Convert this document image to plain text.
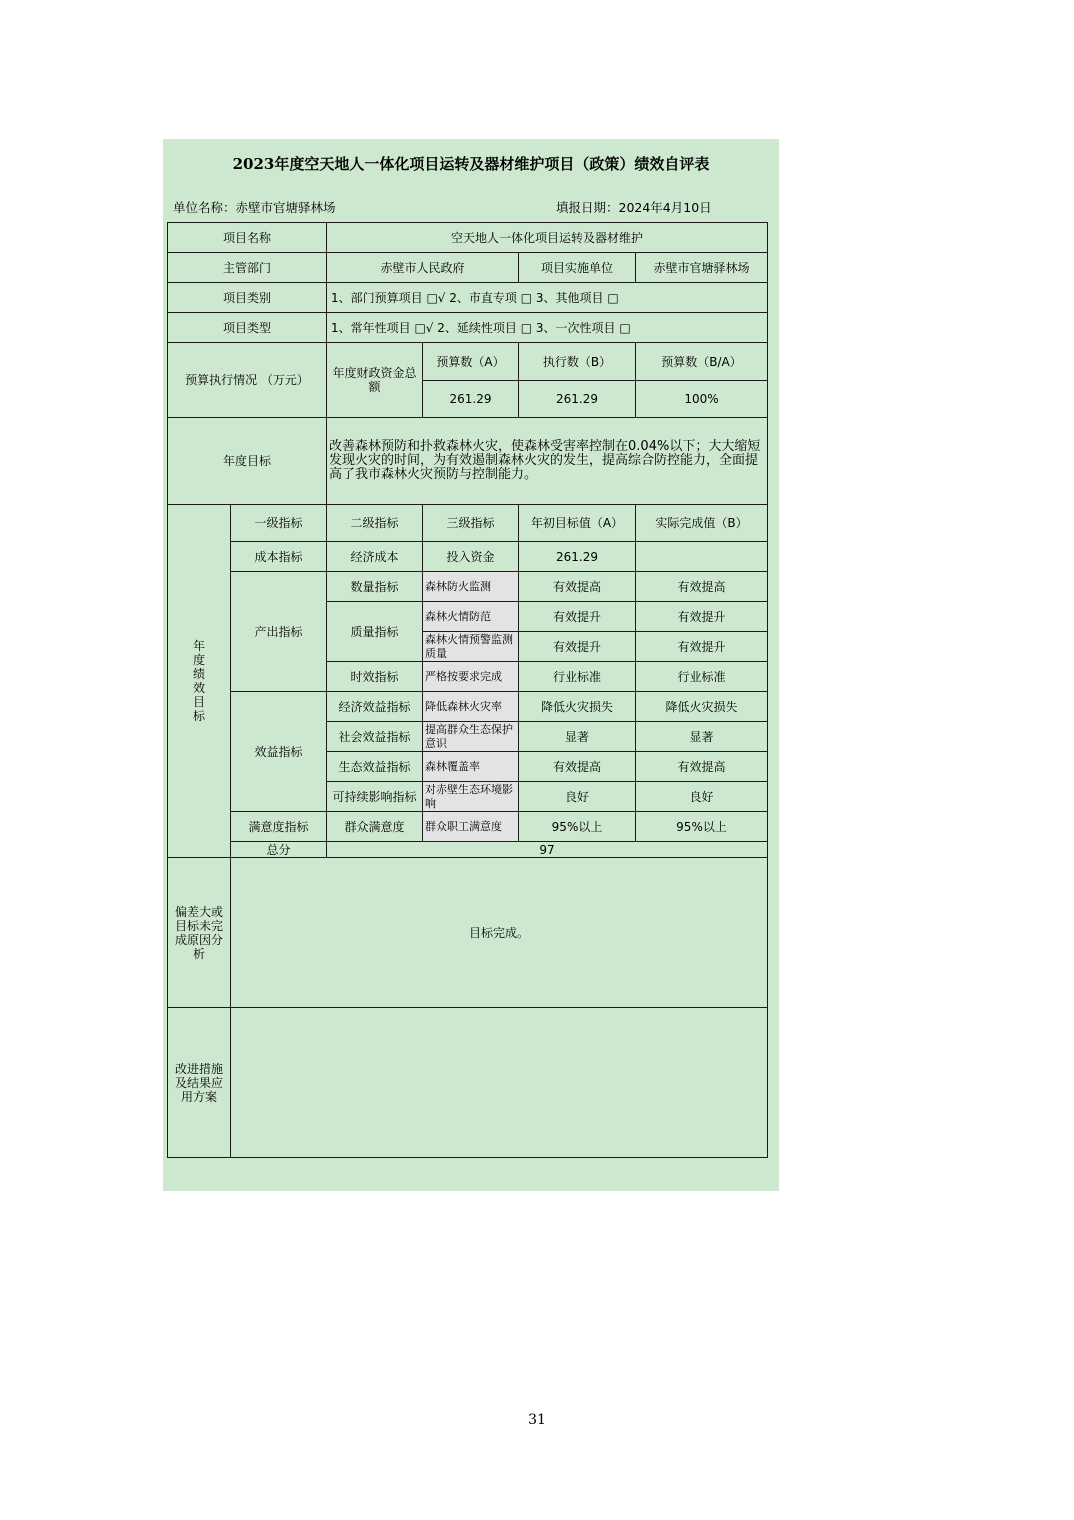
2023年度空天地人一体化项目运转及器材维护项目（政策）绩效自评表
单位名称：赤壁市官塘驿林场	填报日期：2024年4月10日
项目名称		空天地人一体化项目运转及器材维护			
主管部门		赤壁市人民政府		项目实施单位	赤壁市官塘驿林场
项目类别		1、部门预算项目 □√ 2、市直专项 □ 3、其他项目 □			
项目类型		1、常年性项目 □√ 2、延续性项目 □ 3、一次性项目 □			
预算执行情况 （万元）		年度财政资金总额	预算数（A）	执行数（B）	预算数（B/A）
			261.29	261.29	100%
年度目标		改善森林预防和扑救森林火灾，使森林受害率控制在0.04%以下；大大缩短发现火灾的时间，为有效遏制森林火灾的发生，提高综合防控能力，全面提高了我市森林火灾预防与控制能力。			
年度绩效目标	一级指标	二级指标	三级指标	年初目标值（A）	实际完成值（B）
	成本指标	经济成本	投入资金	261.29	
	产出指标	数量指标	森林防火监测	有效提高	有效提高
		质量指标	森林火情防范	有效提升	有效提升
			森林火情预警监测质量	有效提升	有效提升
		时效指标	严格按要求完成	行业标准	行业标准
	效益指标	经济效益指标	降低森林火灾率	降低火灾损失	降低火灾损失
		社会效益指标	提高群众生态保护意识	显著	显著
		生态效益指标	森林覆盖率	有效提高	有效提高
		可持续影响指标	对赤壁生态环境影响	良好	良好
	满意度指标	群众满意度	群众职工满意度	95%以上	95%以上
	总分	97			
偏差大或目标未完成原因分析	目标完成。				
改进措施及结果应用方案					
31
